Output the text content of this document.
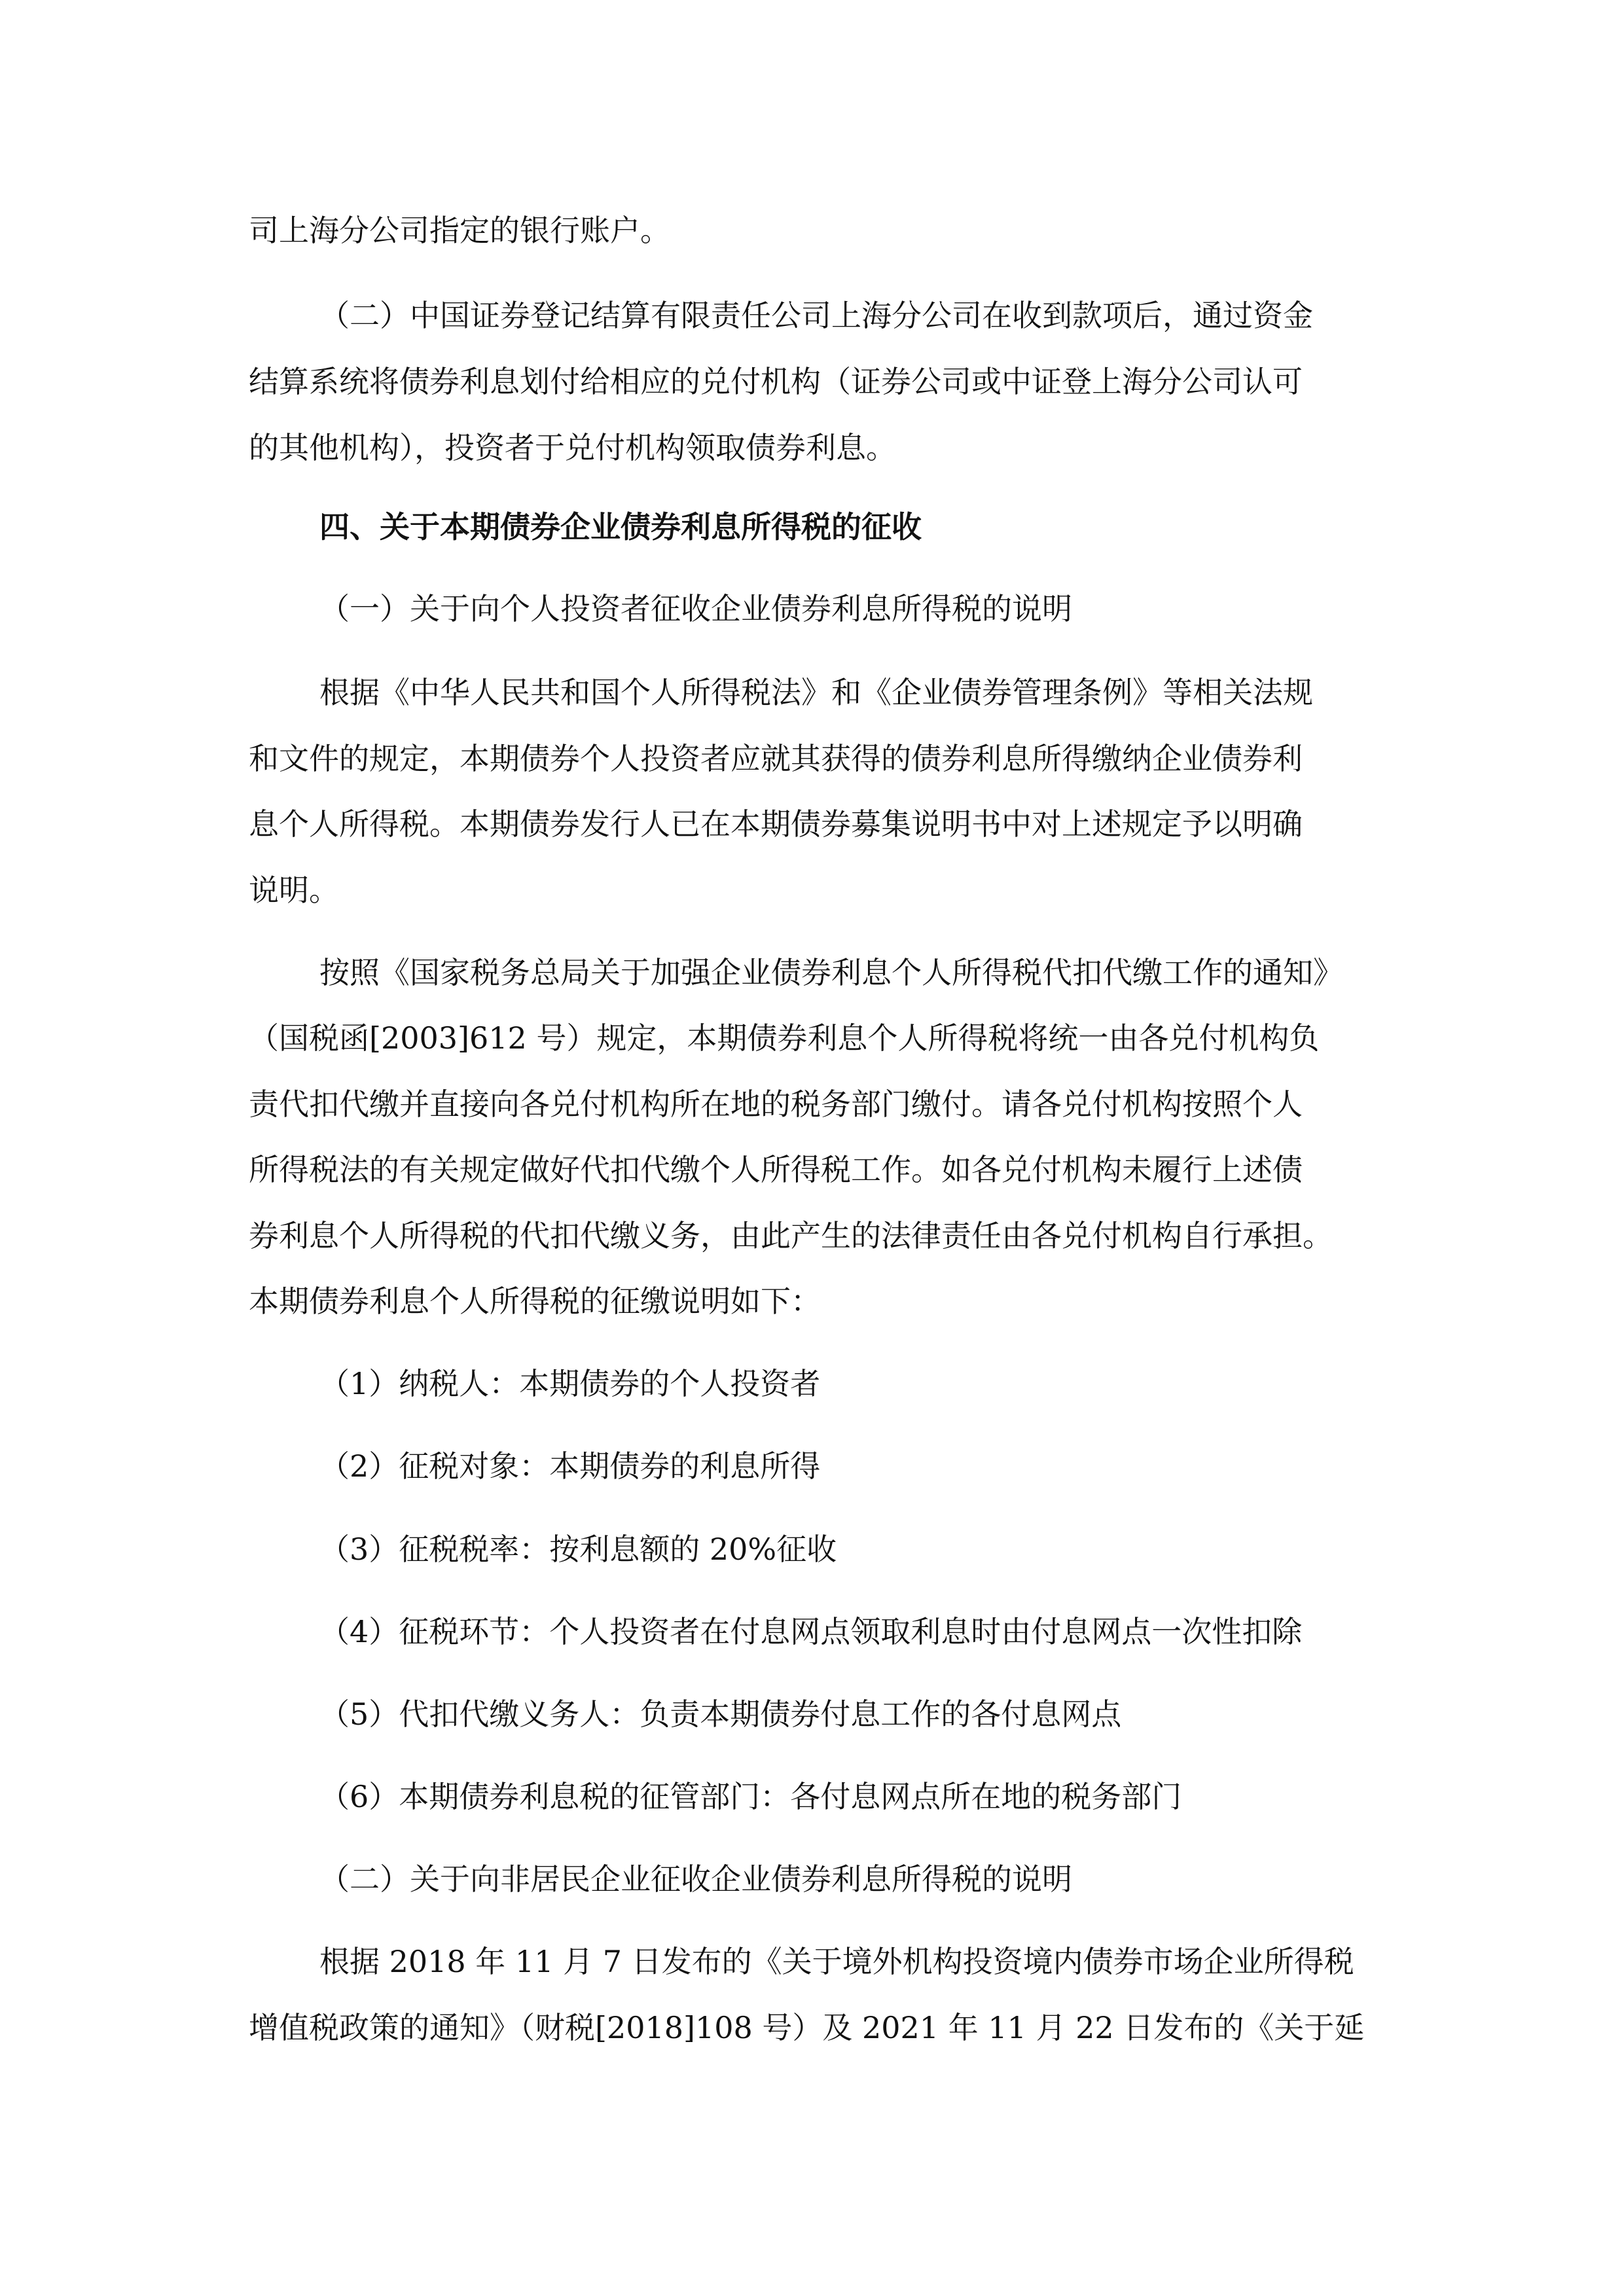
司上海分公司指定的银行账户。
（二）中国证券登记结算有限责任公司上海分公司在收到款项后，通过资金
结算系统将债券利息划付给相应的兑付机构（证券公司或中证登上海分公司认可
的其他机构），投资者于兑付机构领取债券利息。
四、关于本期债券企业债券利息所得税的征收
（一）关于向个人投资者征收企业债券利息所得税的说明
根据《中华人民共和国个人所得税法》和《企业债券管理条例》等相关法规
和文件的规定，本期债券个人投资者应就其获得的债券利息所得缴纳企业债券利
息个人所得税。本期债券发行人已在本期债券募集说明书中对上述规定予以明确
说明。
按照《国家税务总局关于加强企业债券利息个人所得税代扣代缴工作的通知》
（国税函[2003]612 号）规定，本期债券利息个人所得税将统一由各兑付机构负
责代扣代缴并直接向各兑付机构所在地的税务部门缴付。请各兑付机构按照个人
所得税法的有关规定做好代扣代缴个人所得税工作。如各兑付机构未履行上述债
券利息个人所得税的代扣代缴义务，由此产生的法律责任由各兑付机构自行承担。
本期债券利息个人所得税的征缴说明如下：
（1）纳税人：本期债券的个人投资者
（2）征税对象：本期债券的利息所得
（3）征税税率：按利息额的 20%征收
（4）征税环节：个人投资者在付息网点领取利息时由付息网点一次性扣除
（5）代扣代缴义务人：负责本期债券付息工作的各付息网点
（6）本期债券利息税的征管部门：各付息网点所在地的税务部门
（二）关于向非居民企业征收企业债券利息所得税的说明
根据 2018 年 11 月 7 日发布的《关于境外机构投资境内债券市场企业所得税
增值税政策的通知》（财税[2018]108 号）及 2021 年 11 月 22 日发布的《关于延
